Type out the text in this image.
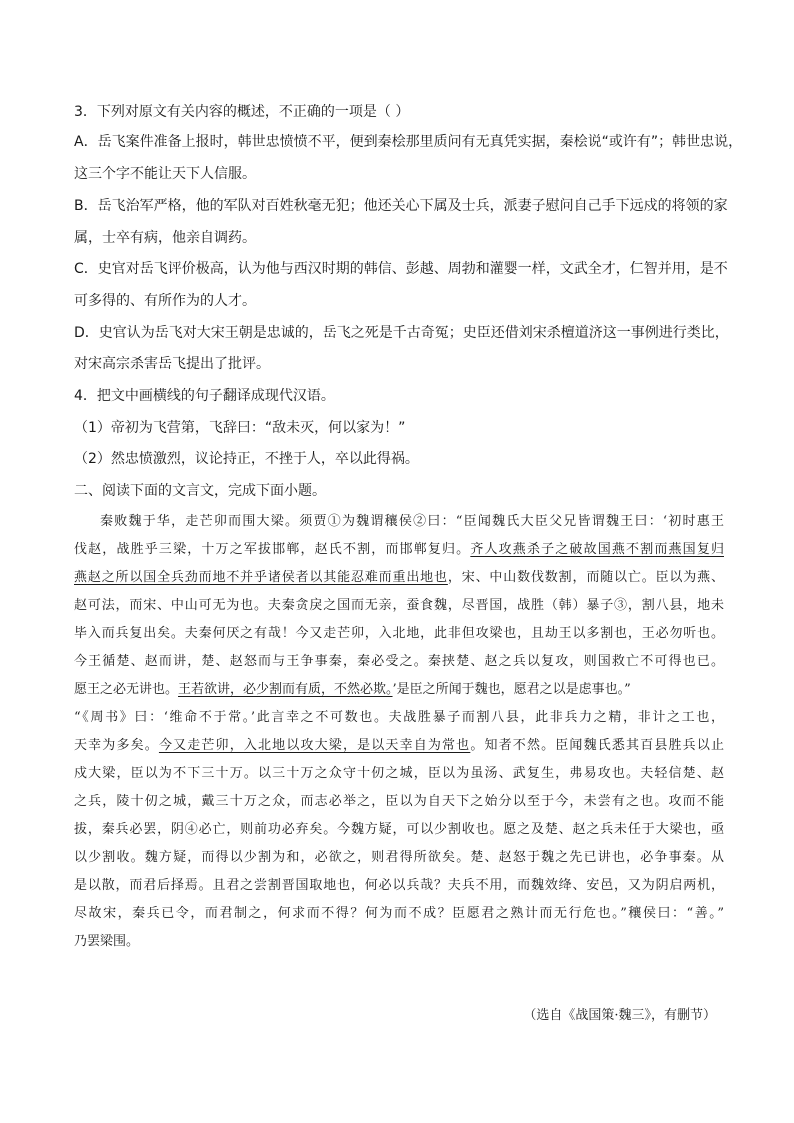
3．下列对原文有关内容的概述，不正确的一项是（ ）
A．岳飞案件准备上报时，韩世忠愤愤不平，便到秦桧那里质问有无真凭实据，秦桧说“或许有”；韩世忠说，
这三个字不能让天下人信服。
B．岳飞治军严格，他的军队对百姓秋毫无犯；他还关心下属及士兵，派妻子慰问自己手下远戍的将领的家
属，士卒有病，他亲自调药。
C．史官对岳飞评价极高，认为他与西汉时期的韩信、彭越、周勃和灌婴一样，文武全才，仁智并用，是不
可多得的、有所作为的人才。
D．史官认为岳飞对大宋王朝是忠诚的，岳飞之死是千古奇冤；史臣还借刘宋杀檀道济这一事例进行类比，
对宋高宗杀害岳飞提出了批评。
4．把文中画横线的句子翻译成现代汉语。
（1）帝初为飞营第，飞辞曰：“敌未灭，何以家为！”
（2）然忠愤激烈，议论持正，不挫于人，卒以此得祸。
二、阅读下面的文言文，完成下面小题。
秦败魏于华，走芒卯而围大梁。须贾①为魏谓穰侯②曰：“臣闻魏氏大臣父兄皆谓魏王曰：‘初时惠王
伐赵，战胜乎三梁，十万之军拔邯郸，赵氏不割，而邯郸复归。齐人攻燕杀子之破故国燕不割而燕国复归
燕赵之所以国全兵劲而地不并乎诸侯者以其能忍难而重出地也，宋、中山数伐数割，而随以亡。臣以为燕、
赵可法，而宋、中山可无为也。夫秦贪戾之国而无亲，蚕食魏，尽晋国，战胜（韩）暴子③，割八县，地未
毕入而兵复出矣。夫秦何厌之有哉！今又走芒卯，入北地，此非但攻梁也，且劫王以多割也，王必勿听也。
今王循楚、赵而讲，楚、赵怒而与王争事秦，秦必受之。秦挟楚、赵之兵以复攻，则国救亡不可得也已。
愿王之必无讲也。王若欲讲，必少割而有质，不然必欺。’是臣之所闻于魏也，愿君之以是虑事也。”
“《周书》曰：‘维命不于常。’此言幸之不可数也。夫战胜暴子而割八县，此非兵力之精，非计之工也，
天幸为多矣。今又走芒卯，入北地以攻大梁，是以天幸自为常也。知者不然。臣闻魏氏悉其百县胜兵以止
戍大梁，臣以为不下三十万。以三十万之众守十仞之城，臣以为虽汤、武复生，弗易攻也。夫轻信楚、赵
之兵，陵十仞之城，戴三十万之众，而志必举之，臣以为自天下之始分以至于今，未尝有之也。攻而不能
拔，秦兵必罢，阴④必亡，则前功必弃矣。今魏方疑，可以少割收也。愿之及楚、赵之兵未任于大梁也，亟
以少割收。魏方疑，而得以少割为和，必欲之，则君得所欲矣。楚、赵怒于魏之先已讲也，必争事秦。从
是以散，而君后择焉。且君之尝割晋国取地也，何必以兵哉？夫兵不用，而魏效绛、安邑，又为阴启两机，
尽故宋，秦兵已令，而君制之，何求而不得？何为而不成？臣愿君之熟计而无行危也。”穰侯曰：“善。”
乃罢梁围。
（选自《战国策·魏三》，有删节）
